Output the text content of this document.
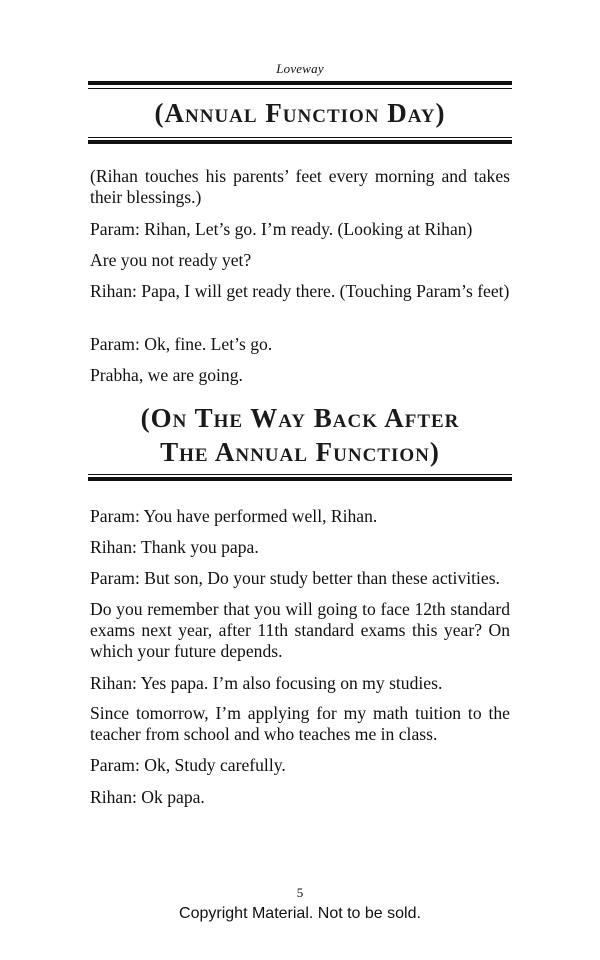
Loveway
(Annual Function Day)

(Rihan touches his parents’ feet every morning and takes their blessings.)

Param: Rihan, Let’s go. I’m ready. (Looking at Rihan)

Are you not ready yet?

Rihan: Papa, I will get ready there. (Touching Param’s feet)

Param: Ok, fine. Let’s go.

Prabha, we are going.

(On The Way Back After
The Annual Function)

Param: You have performed well, Rihan.

Rihan: Thank you papa.

Param: But son, Do your study better than these activities.

Do you remember that you will going to face 12th standard exams next year, after 11th standard exams this year? On which your future depends.

Rihan: Yes papa. I’m also focusing on my studies.

Since tomorrow, I’m applying for my math tuition to the teacher from school and who teaches me in class.

Param: Ok, Study carefully.

Rihan: Ok papa.

5
Copyright Material. Not to be sold.
